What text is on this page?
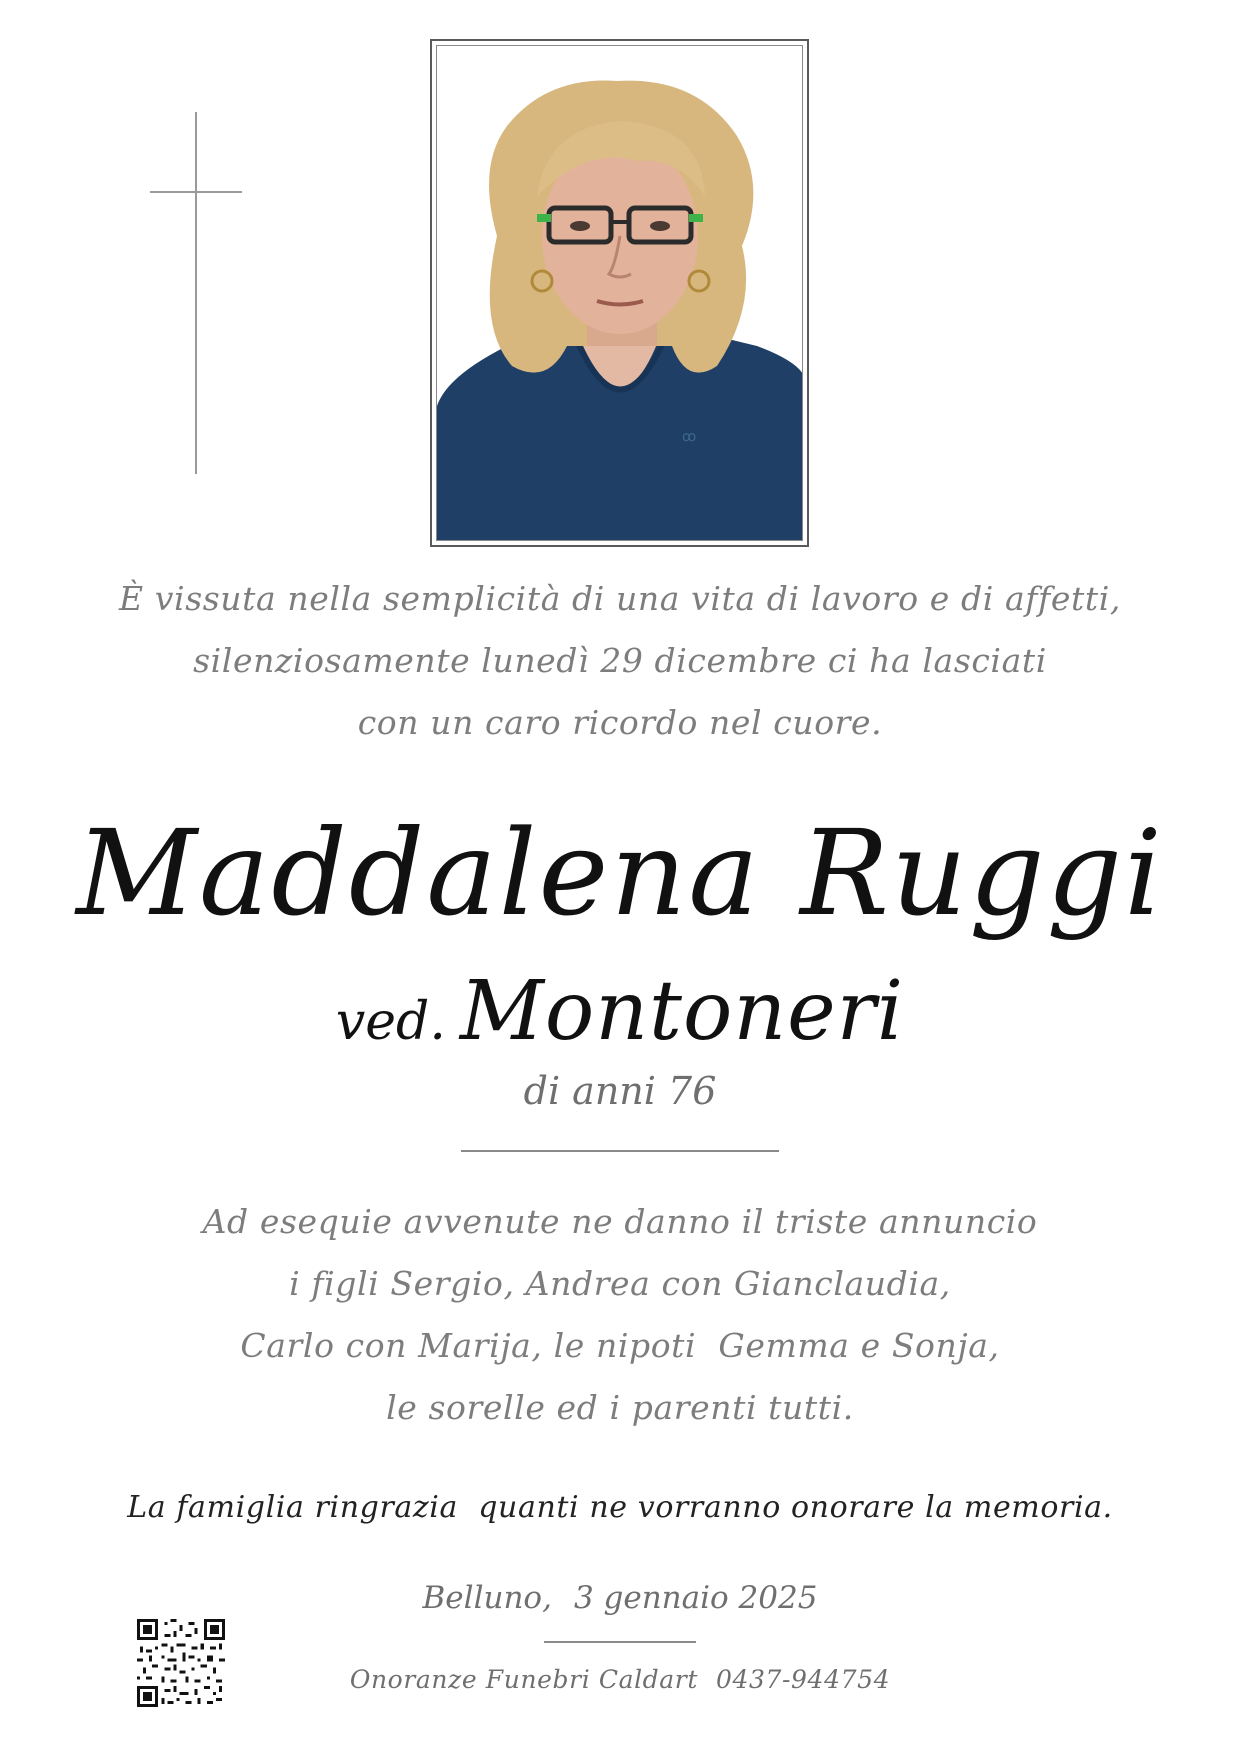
ꝏ
È vissuta nella semplicità di una vita di lavoro e di affetti,
silenziosamente lunedì 29 dicembre ci ha lasciati
con un caro ricordo nel cuore.
Maddalena Ruggi
ved. Montoneri
di anni 76
Ad esequie avvenute ne danno il triste annuncio
i figli Sergio, Andrea con Gianclaudia,
Carlo con Marija, le nipoti  Gemma e Sonja,
le sorelle ed i parenti tutti.
La famiglia ringrazia  quanti ne vorranno onorare la memoria.
Belluno, 3 gennaio 2025
Onoranze Funebri Caldart 0437-944754
